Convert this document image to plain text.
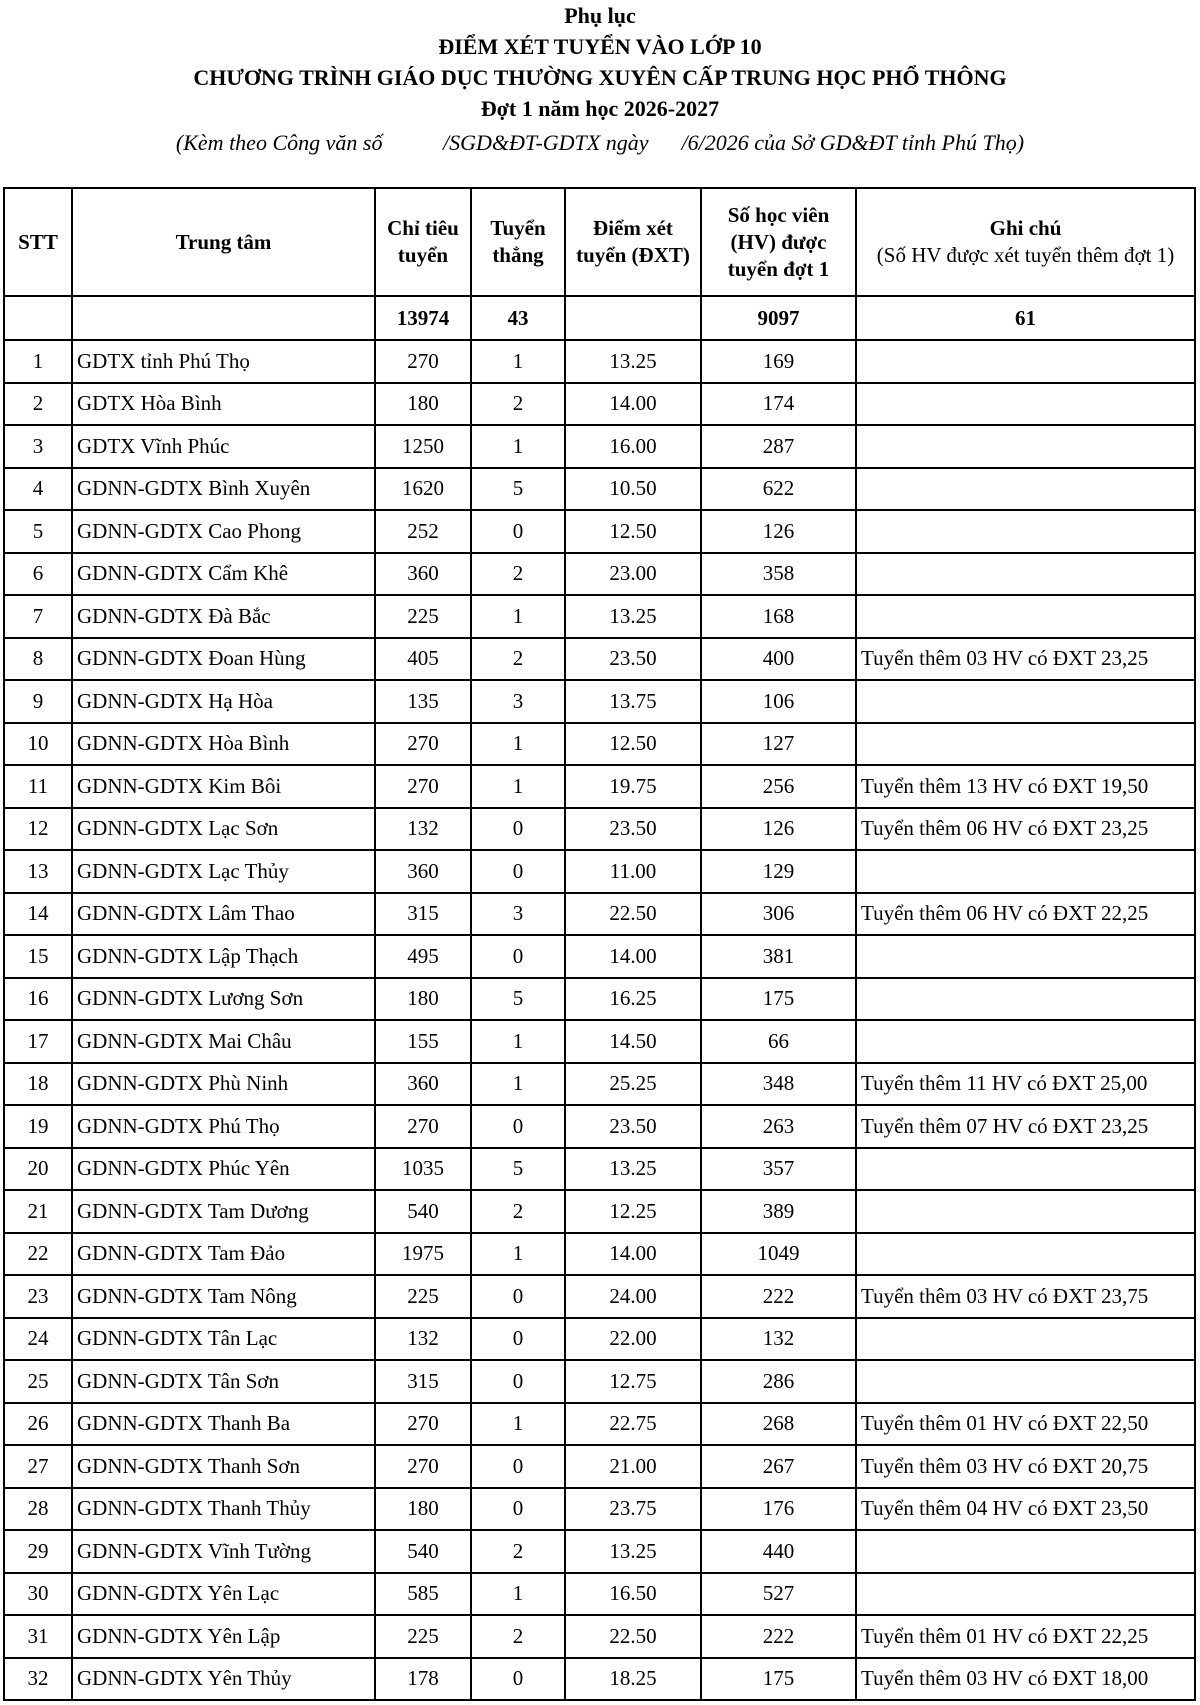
Phụ lục
ĐIỂM XÉT TUYỂN VÀO LỚP 10
CHƯƠNG TRÌNH GIÁO DỤC THƯỜNG XUYÊN CẤP TRUNG HỌC PHỔ THÔNG
Đợt 1 năm học 2026-2027
(Kèm theo Công văn số           /SGD&ĐT-GDTX ngày      /6/2026 của Sở GD&ĐT tỉnh Phú Thọ)
STT	Trung tâm	Chỉ tiêu tuyển	Tuyển thẳng	Điểm xét tuyển (ĐXT)	Số học viên (HV) được tuyển đợt 1	Ghi chú
(Số HV được xét tuyển thêm đợt 1)
		13974	43		9097	61
1	GDTX tỉnh Phú Thọ	270	1	13.25	169	
2	GDTX Hòa Bình	180	2	14.00	174	
3	GDTX Vĩnh Phúc	1250	1	16.00	287	
4	GDNN-GDTX Bình Xuyên	1620	5	10.50	622	
5	GDNN-GDTX Cao Phong	252	0	12.50	126	
6	GDNN-GDTX Cẩm Khê	360	2	23.00	358	
7	GDNN-GDTX Đà Bắc	225	1	13.25	168	
8	GDNN-GDTX Đoan Hùng	405	2	23.50	400	Tuyển thêm 03 HV có ĐXT 23,25
9	GDNN-GDTX Hạ Hòa	135	3	13.75	106	
10	GDNN-GDTX Hòa Bình	270	1	12.50	127	
11	GDNN-GDTX Kim Bôi	270	1	19.75	256	Tuyển thêm 13 HV có ĐXT 19,50
12	GDNN-GDTX Lạc Sơn	132	0	23.50	126	Tuyển thêm 06 HV có ĐXT 23,25
13	GDNN-GDTX Lạc Thủy	360	0	11.00	129	
14	GDNN-GDTX Lâm Thao	315	3	22.50	306	Tuyển thêm 06 HV có ĐXT 22,25
15	GDNN-GDTX Lập Thạch	495	0	14.00	381	
16	GDNN-GDTX Lương Sơn	180	5	16.25	175	
17	GDNN-GDTX Mai Châu	155	1	14.50	66	
18	GDNN-GDTX Phù Ninh	360	1	25.25	348	Tuyển thêm 11 HV có ĐXT 25,00
19	GDNN-GDTX Phú Thọ	270	0	23.50	263	Tuyển thêm 07 HV có ĐXT 23,25
20	GDNN-GDTX Phúc Yên	1035	5	13.25	357	
21	GDNN-GDTX Tam Dương	540	2	12.25	389	
22	GDNN-GDTX Tam Đảo	1975	1	14.00	1049	
23	GDNN-GDTX Tam Nông	225	0	24.00	222	Tuyển thêm 03 HV có ĐXT 23,75
24	GDNN-GDTX Tân Lạc	132	0	22.00	132	
25	GDNN-GDTX Tân Sơn	315	0	12.75	286	
26	GDNN-GDTX Thanh Ba	270	1	22.75	268	Tuyển thêm 01 HV có ĐXT 22,50
27	GDNN-GDTX Thanh Sơn	270	0	21.00	267	Tuyển thêm 03 HV có ĐXT 20,75
28	GDNN-GDTX Thanh Thủy	180	0	23.75	176	Tuyển thêm 04 HV có ĐXT 23,50
29	GDNN-GDTX Vĩnh Tường	540	2	13.25	440	
30	GDNN-GDTX Yên Lạc	585	1	16.50	527	
31	GDNN-GDTX Yên Lập	225	2	22.50	222	Tuyển thêm 01 HV có ĐXT 22,25
32	GDNN-GDTX Yên Thủy	178	0	18.25	175	Tuyển thêm 03 HV có ĐXT 18,00
